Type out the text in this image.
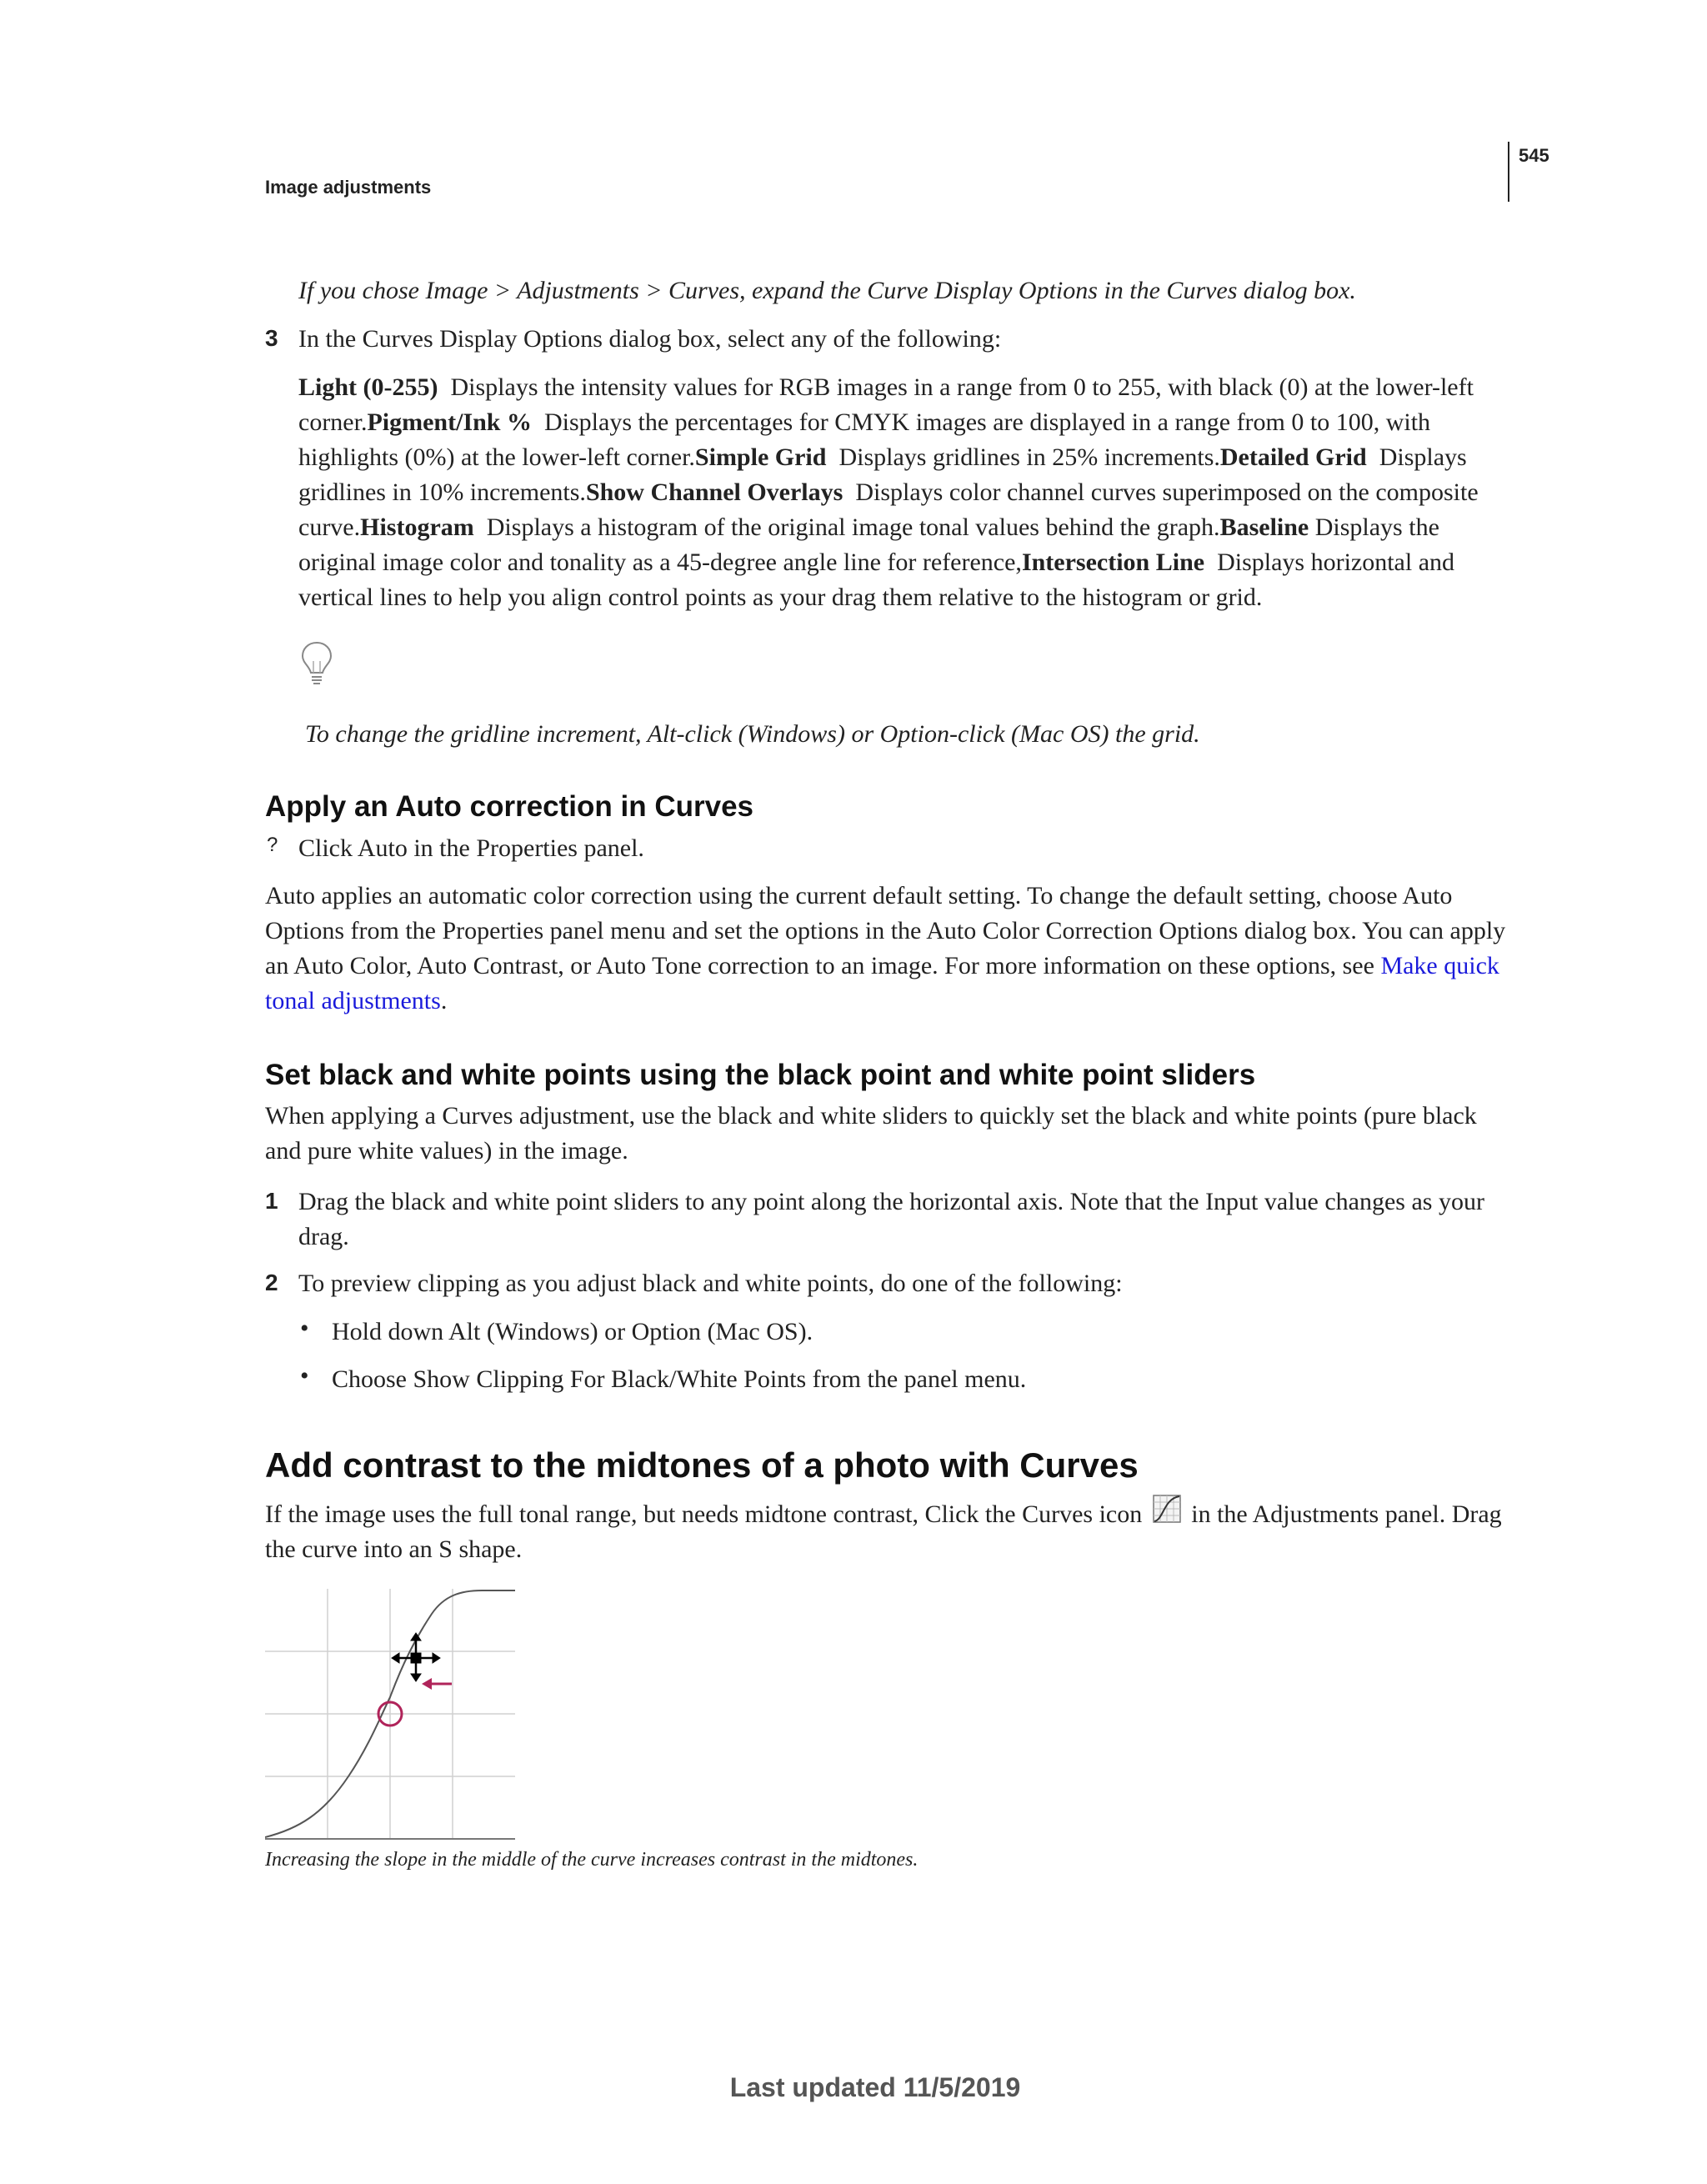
545
Image adjustments
If you chose Image > Adjustments > Curves, expand the Curve Display Options in the Curves dialog box.
3 In the Curves Display Options dialog box, select any of the following:
Light (0-255) Displays the intensity values for RGB images in a range from 0 to 255, with black (0) at the lower-left corner.Pigment/Ink % Displays the percentages for CMYK images are displayed in a range from 0 to 100, with highlights (0%) at the lower-left corner.Simple Grid Displays gridlines in 25% increments.Detailed Grid Displays gridlines in 10% increments.Show Channel Overlays Displays color channel curves superimposed on the composite curve.Histogram Displays a histogram of the original image tonal values behind the graph.Baseline Displays the original image color and tonality as a 45-degree angle line for reference,Intersection Line Displays horizontal and vertical lines to help you align control points as your drag them relative to the histogram or grid.
To change the gridline increment, Alt-click (Windows) or Option-click (Mac OS) the grid.
Apply an Auto correction in Curves
? Click Auto in the Properties panel.
Auto applies an automatic color correction using the current default setting. To change the default setting, choose Auto Options from the Properties panel menu and set the options in the Auto Color Correction Options dialog box. You can apply an Auto Color, Auto Contrast, or Auto Tone correction to an image. For more information on these options, see Make quick tonal adjustments.
Set black and white points using the black point and white point sliders
When applying a Curves adjustment, use the black and white sliders to quickly set the black and white points (pure black and pure white values) in the image.
1 Drag the black and white point sliders to any point along the horizontal axis. Note that the Input value changes as your drag.
2 To preview clipping as you adjust black and white points, do one of the following:
• Hold down Alt (Windows) or Option (Mac OS).
• Choose Show Clipping For Black/White Points from the panel menu.
Add contrast to the midtones of a photo with Curves
If the image uses the full tonal range, but needs midtone contrast, Click the Curves icon in the Adjustments panel. Drag the curve into an S shape.
Increasing the slope in the middle of the curve increases contrast in the midtones.
Last updated 11/5/2019
